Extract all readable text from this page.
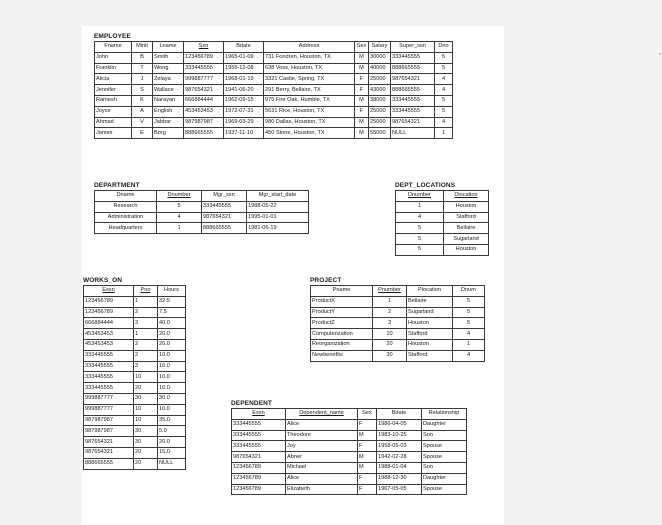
EMPLOYEE
Fname	Minit	Lname	Ssn	Bdate	Address	Sex	Salary	Super_ssn	Dno
John	B	Smith	123456789	1965-01-09	731 Fondren, Houston, TX	M	30000	333445555	5
Franklin	T	Wong	333445555	1955-12-08	638 Voss, Houston, TX	M	40000	888665555	5
Alicia	J	Zelaya	999887777	1968-01-19	3321 Castle, Spring, TX	F	25000	987654321	4
Jennifer	S	Wallace	987654321	1941-06-20	291 Berry, Bellaire, TX	F	43000	888665555	4
Ramesh	K	Narayan	666884444	1962-09-15	975 Fire Oak, Humble, TX	M	38000	333445555	5
Joyce	A	English	453453453	1972-07-31	5631 Rice, Houston, TX	F	25000	333445555	5
Ahmad	V	Jabbar	987987987	1969-03-29	980 Dallas, Houston, TX	M	25000	987654321	4
James	E	Borg	888665555	1937-11-10	450 Stone, Houston, TX	M	55000	NULL	1
DEPARTMENT
Dname	Dnumber	Mgr_ssn	Mgr_start_date
Research	5	333445555	1988-05-22
Administration	4	987654321	1995-01-01
Headquarters	1	888665555	1981-06-19
DEPT_LOCATIONS
Dnumber	Dlocation
1	Houston
4	Stafford
5	Bellaire
5	Sugarland
5	Houston
WORKS_ON
Essn	Pno	Hours
123456789	1	32.5
123456789	2	7.5
666884444	3	40.0
453453453	1	20.0
453453453	2	20.0
333445555	2	10.0
333445555	3	10.0
333445555	10	10.0
333445555	20	10.0
999887777	30	30.0
999887777	10	10.0
987987987	10	35.0
987987987	30	5.0
987654321	30	20.0
987654321	20	15.0
888665555	20	NULL
PROJECT
Pname	Pnumber	Plocation	Dnum
ProductX	1	Bellaire	5
ProductY	2	Sugarland	5
ProductZ	3	Houston	5
Computerization	10	Stafford	4
Reorganization	20	Houston	1
Newbenefits	30	Stafford	4
DEPENDENT
Essn	Dependent_name	Sex	Bdate	Relationship
333445555	Alice	F	1986-04-05	Daughter
333445555	Theodore	M	1983-10-25	Son
333445555	Joy	F	1958-05-03	Spouse
987654321	Abner	M	1942-02-28	Spouse
123456789	Michael	M	1988-01-04	Son
123456789	Alice	F	1988-12-30	Daughter
123456789	Elizabeth	F	1967-05-05	Spouse
·
